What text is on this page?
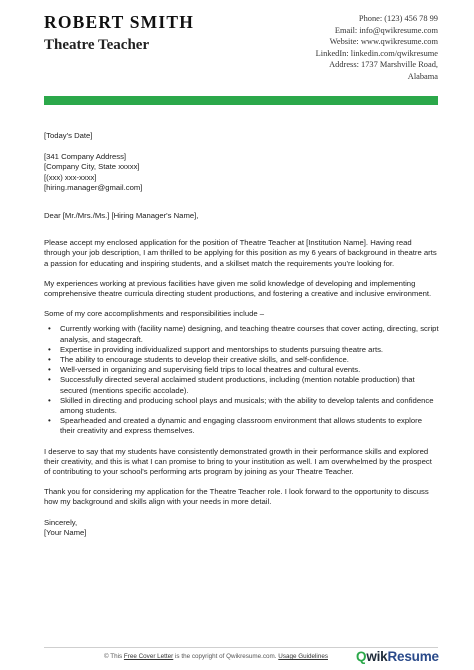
ROBERT SMITH
Theatre Teacher
Phone: (123) 456 78 99
Email: info@qwikresume.com
Website: www.qwikresume.com
LinkedIn: linkedin.com/qwikresume
Address: 1737 Marshville Road,
Alabama

[Today's Date]

[341 Company Address]

[Company City, State xxxxx]

[(xxx) xxx-xxxx]

[hiring.manager@gmail.com]

Dear [Mr./Mrs./Ms.] [Hiring Manager's Name],

Please accept my enclosed application for the position of Theatre Teacher at [Institution Name]. Having read through your job description, I am thrilled to be applying for this position as my 6 years of background in theatre arts a passion for educating and inspiring students, and a skillset match the requirements you're looking for.

My experiences working at previous facilities have given me solid knowledge of developing and implementing comprehensive theatre curricula directing student productions, and fostering a creative and inclusive environment.

Some of my core accomplishments and responsibilities include –

• Currently working with (facility name) designing, and teaching theatre courses that cover acting, directing, script analysis, and stagecraft.
• Expertise in providing individualized support and mentorships to students pursuing theatre arts.
• The ability to encourage students to develop their creative skills, and self-confidence.
• Well-versed in organizing and supervising field trips to local theatres and cultural events.
• Successfully directed several acclaimed student productions, including (mention notable production) that secured (mentions specific accolade).
• Skilled in directing and producing school plays and musicals; with the ability to develop talents and confidence among students.
• Spearheaded and created a dynamic and engaging classroom environment that allows students to explore their creativity and express themselves.

I deserve to say that my students have consistently demonstrated growth in their performance skills and explored their creativity, and this is what I can promise to bring to your institution as well. I am overwhelmed by the prospect of contributing to your school's performing arts program by joining as your Theatre Teacher.

Thank you for considering my application for the Theatre Teacher role. I look forward to the opportunity to discuss how my background and skills align with your needs in more detail.

Sincerely,

[Your Name]

© This Free Cover Letter is the copyright of Qwikresume.com. Usage Guidelines QwikResume
